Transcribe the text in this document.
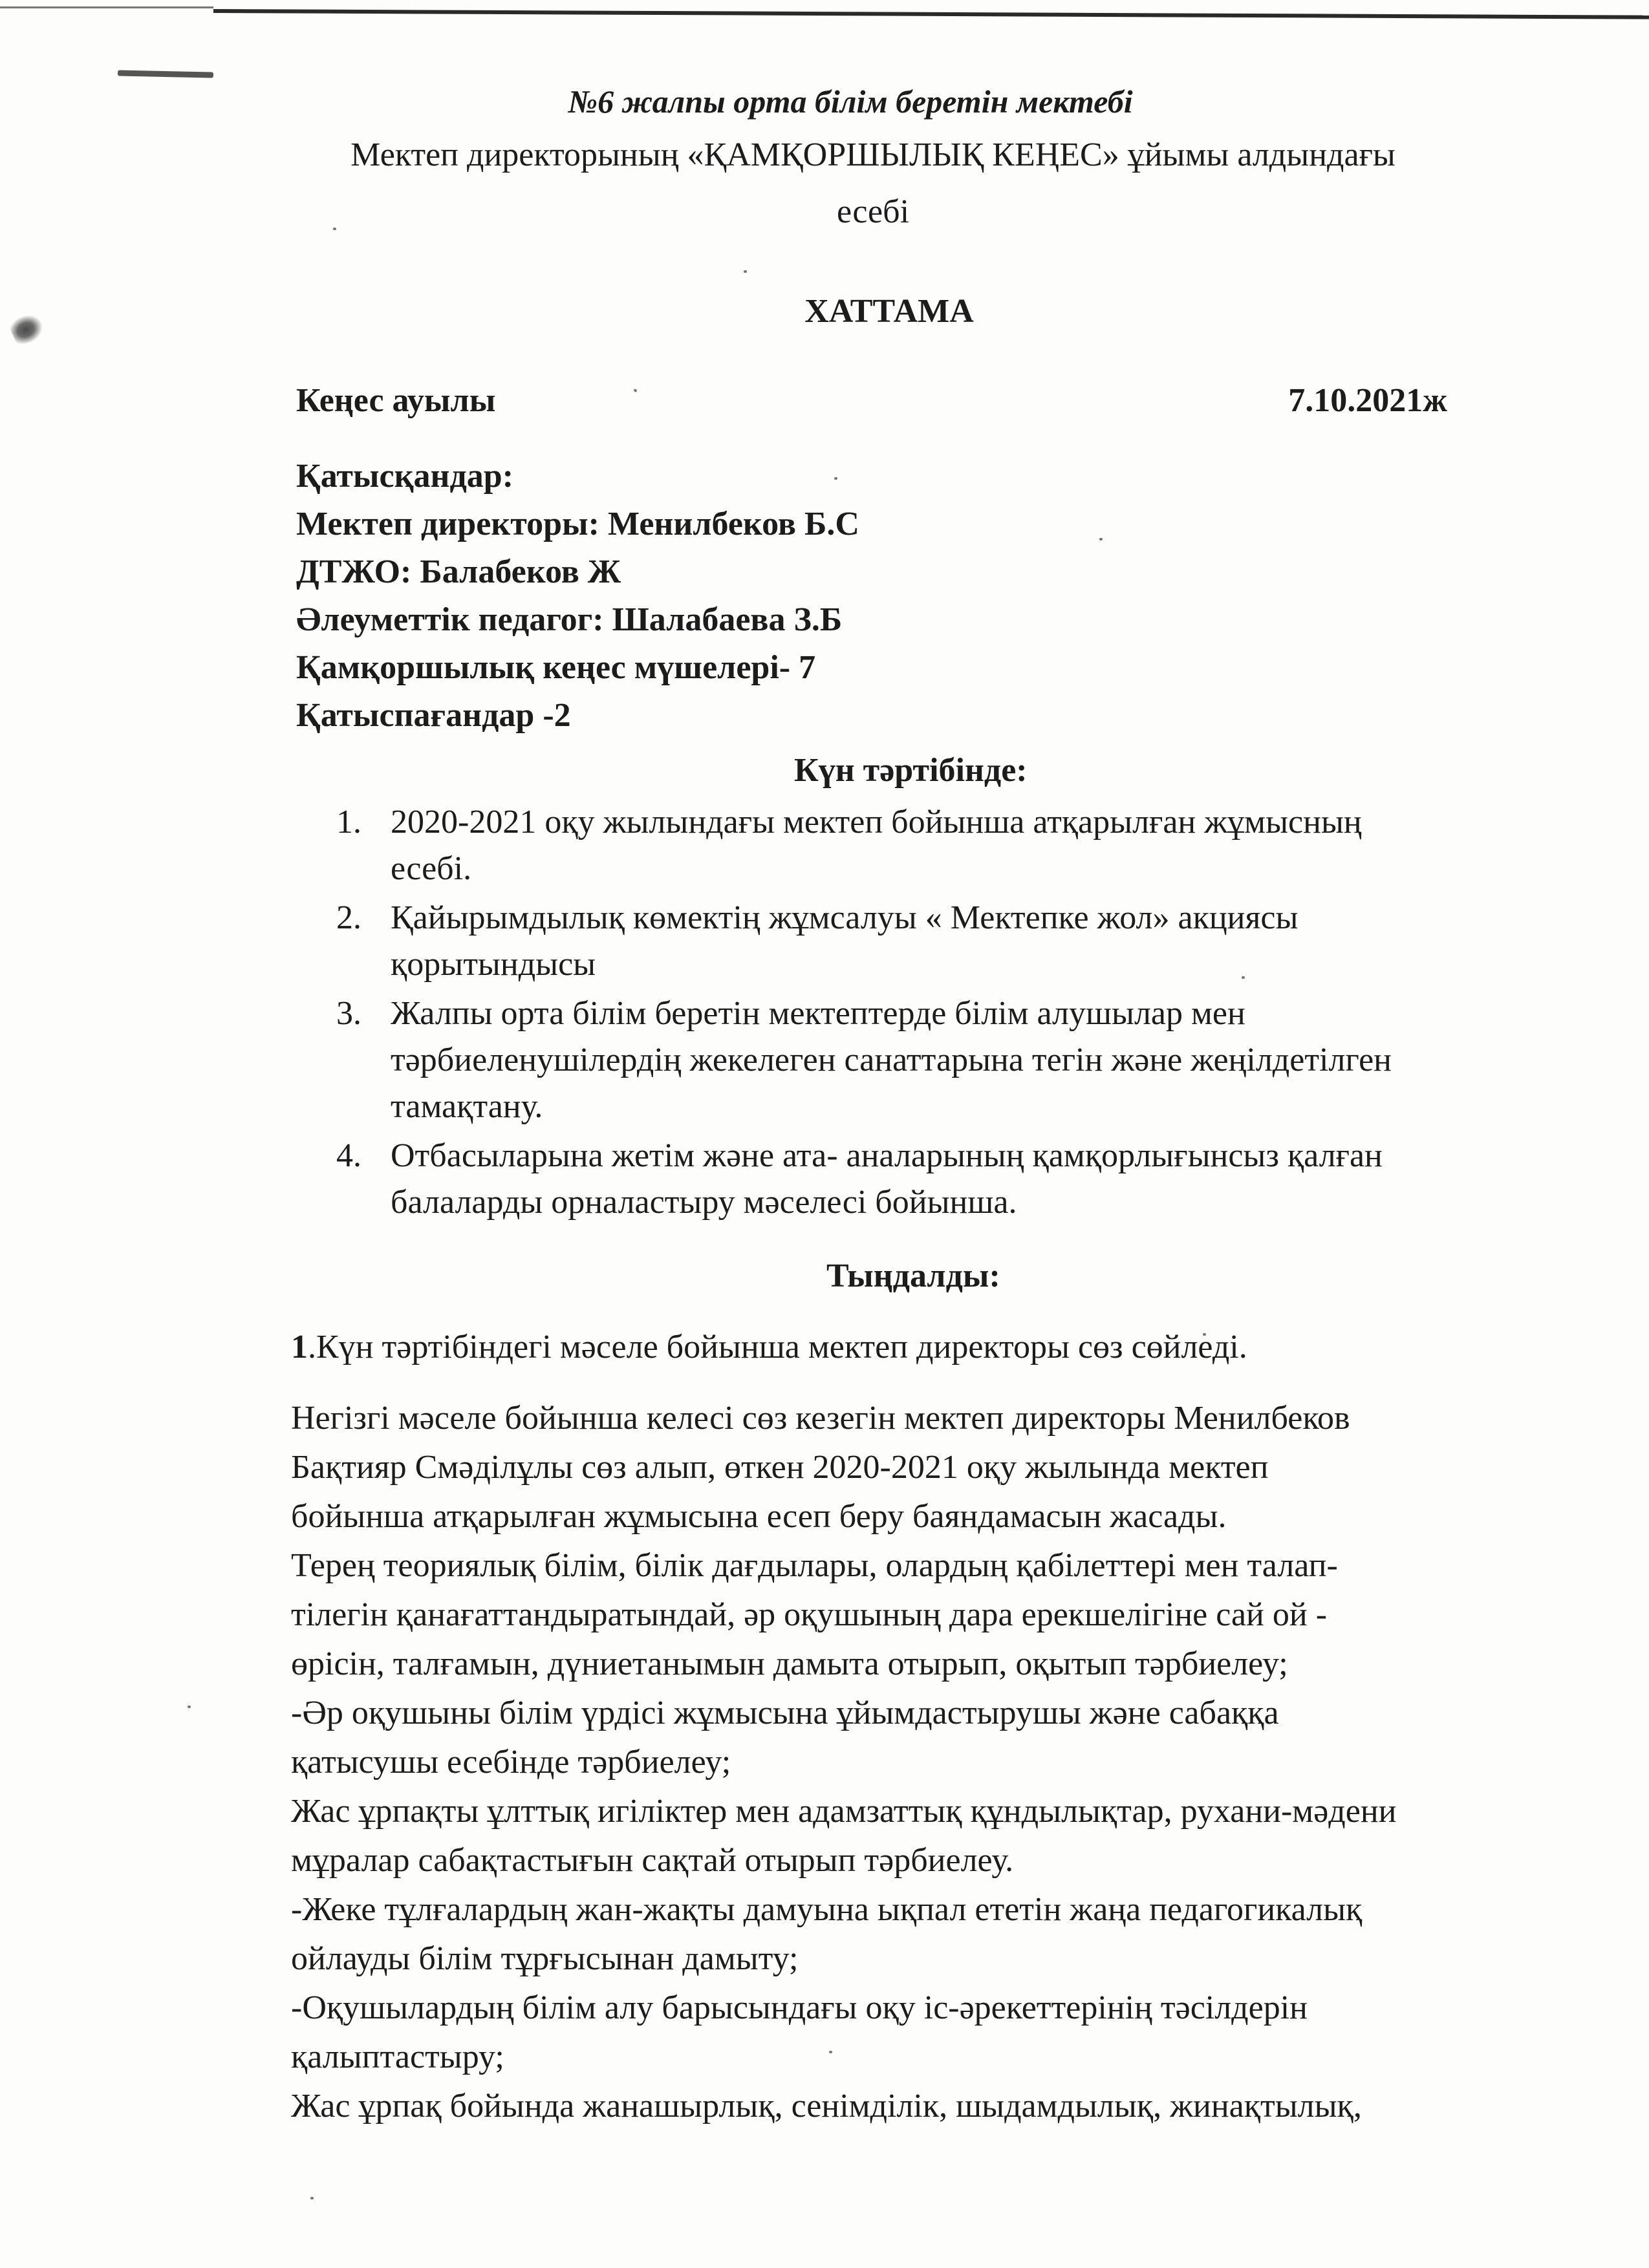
№6 жалпы орта білім беретін мектебі
Мектеп директорының «ҚАМҚОРШЫЛЫҚ КЕҢЕС» ұйымы алдындағы
есебі
ХАТТАМА
Кеңес ауылы	7.10.2021ж
Қатысқандар:
Мектеп директоры: Менилбеков Б.С
ДТЖО: Балабеков Ж
Әлеуметтік педагог: Шалабаева З.Б
Қамқоршылық кеңес мүшелері- 7
Қатыспағандар -2
Күн тәртібінде:
1. 2020-2021 оқу жылындағы мектеп бойынша атқарылған жұмысның
есебі.
2. Қайырымдылық көмектің жұмсалуы « Мектепке жол» акциясы
қорытындысы
3. Жалпы орта білім беретін мектептерде білім алушылар мен
тәрбиеленушілердің жекелеген санаттарына тегін және жеңілдетілген
тамақтану.
4. Отбасыларына жетім және ата- аналарының қамқорлығынсыз қалған
балаларды орналастыру мәселесі бойынша.
Тыңдалды:
1.Күн тәртібіндегі мәселе бойынша мектеп директоры сөз сөйледі.
Негізгі мәселе бойынша келесі сөз кезегін мектеп директоры Менилбеков
Бақтияр Смәділұлы сөз алып, өткен 2020-2021 оқу жылында мектеп
бойынша атқарылған жұмысына есеп беру баяндамасын жасады.
Терең теориялық білім, білік дағдылары, олардың қабілеттері мен талап-
тілегін қанағаттандыратындай, әр оқушының дара ерекшелігіне сай ой -
өрісін, талғамын, дүниетанымын дамыта отырып, оқытып тәрбиелеу;
-Әр оқушыны білім үрдісі жұмысына ұйымдастырушы және сабаққа
қатысушы есебінде тәрбиелеу;
Жас ұрпақты ұлттық игіліктер мен адамзаттық құндылықтар, рухани-мәдени
мұралар сабақтастығын сақтай отырып тәрбиелеу.
-Жеке тұлғалардың жан-жақты дамуына ықпал ететін жаңа педагогикалық
ойлауды білім тұрғысынан дамыту;
-Оқушылардың білім алу барысындағы оқу іс-әрекеттерінің тәсілдерін
қалыптастыру;
Жас ұрпақ бойында жанашырлық, сенімділік, шыдамдылық, жинақтылық,
